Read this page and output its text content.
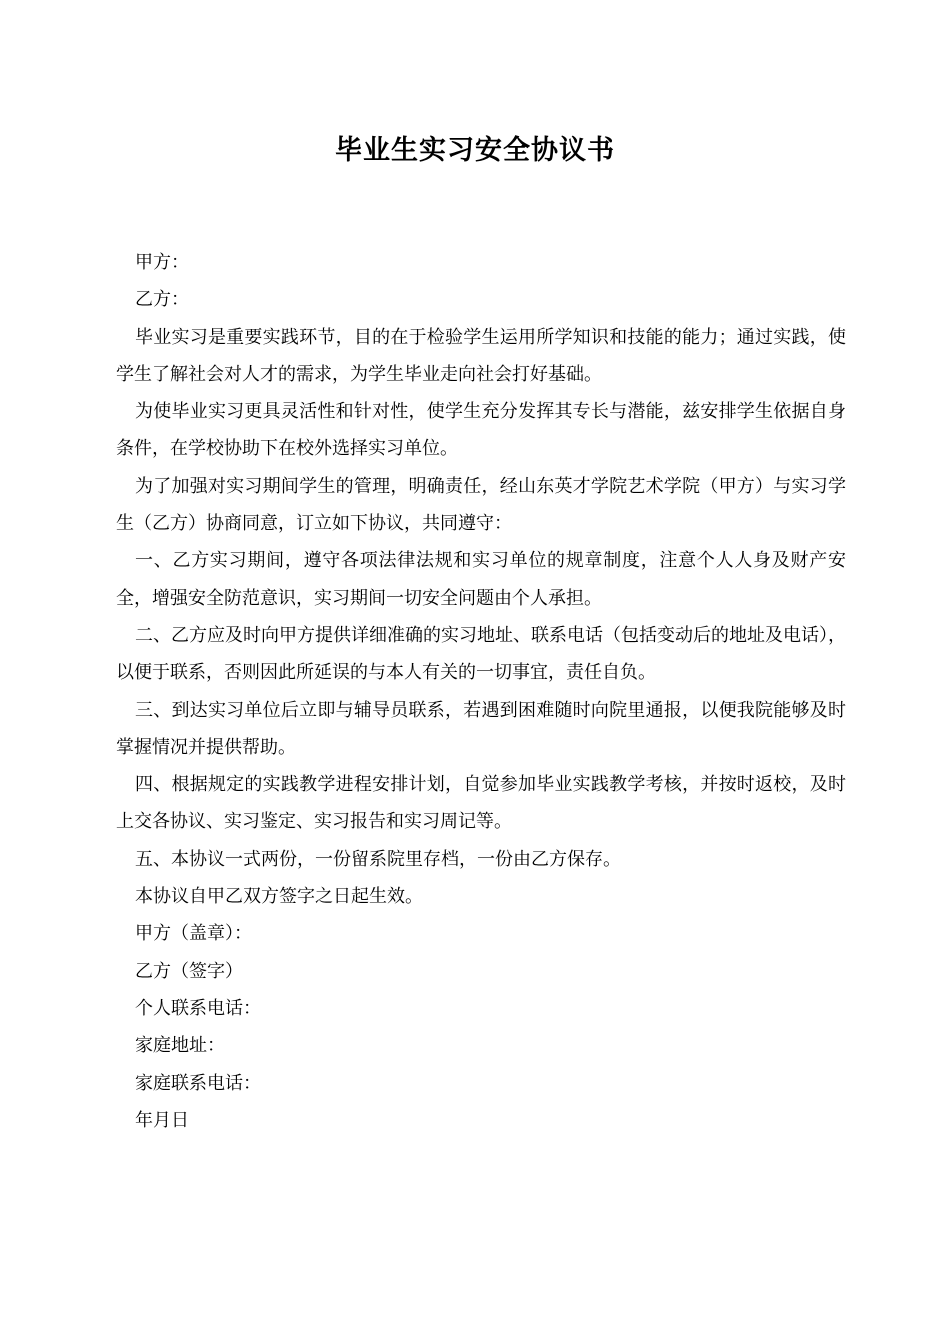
毕业生实习安全协议书

甲方：

乙方：

毕业实习是重要实践环节，目的在于检验学生运用所学知识和技能的能力；通过实践，使学生了解社会对人才的需求，为学生毕业走向社会打好基础。

为使毕业实习更具灵活性和针对性，使学生充分发挥其专长与潜能，兹安排学生依据自身条件，在学校协助下在校外选择实习单位。

为了加强对实习期间学生的管理，明确责任，经山东英才学院艺术学院（甲方）与实习学生（乙方）协商同意，订立如下协议，共同遵守：

一、乙方实习期间，遵守各项法律法规和实习单位的规章制度，注意个人人身及财产安全，增强安全防范意识，实习期间一切安全问题由个人承担。

二、乙方应及时向甲方提供详细准确的实习地址、联系电话（包括变动后的地址及电话），以便于联系，否则因此所延误的与本人有关的一切事宜，责任自负。

三、到达实习单位后立即与辅导员联系，若遇到困难随时向院里通报，以便我院能够及时掌握情况并提供帮助。

四、根据规定的实践教学进程安排计划，自觉参加毕业实践教学考核，并按时返校，及时上交各协议、实习鉴定、实习报告和实习周记等。

五、本协议一式两份，一份留系院里存档，一份由乙方保存。

本协议自甲乙双方签字之日起生效。

甲方（盖章）：

乙方（签字）

个人联系电话：

家庭地址：

家庭联系电话：

年月日
